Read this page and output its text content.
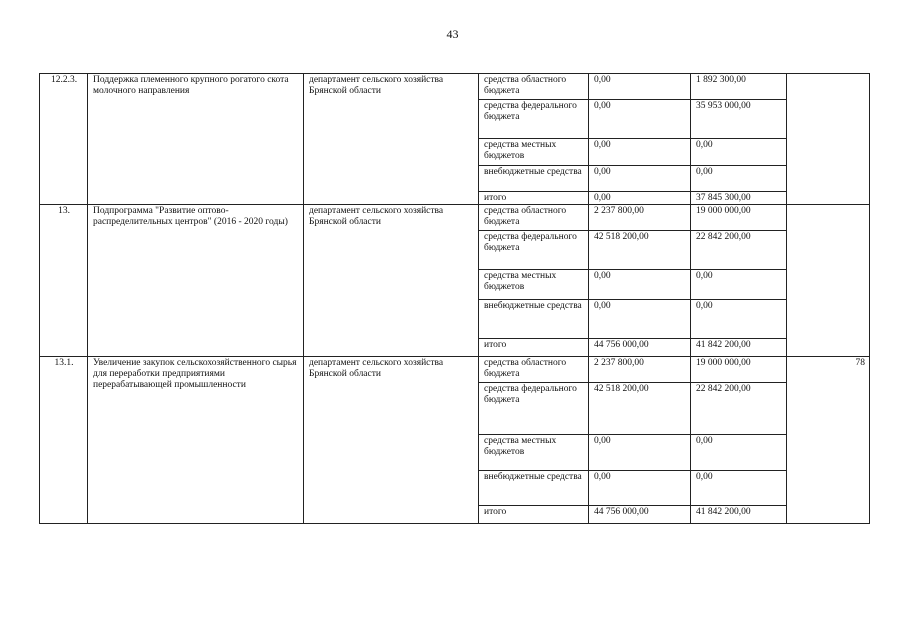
43
12.2.3.	Поддержка племенного крупного рогатого скота молочного направления	департамент сельского хозяйства Брянской области	средства областного бюджета	0,00	1 892 300,00	
			средства федерального бюджета	0,00	35 953 000,00	
			средства местных бюджетов	0,00	0,00	
			внебюджетные средства	0,00	0,00	
			итого	0,00	37 845 300,00	
13.	Подпрограмма "Развитие оптово-распределительных центров" (2016 - 2020 годы)	департамент сельского хозяйства Брянской области	средства областного бюджета	2 237 800,00	19 000 000,00	
			средства федерального бюджета	42 518 200,00	22 842 200,00	
			средства местных бюджетов	0,00	0,00	
			внебюджетные средства	0,00	0,00	
			итого	44 756 000,00	41 842 200,00	
13.1.	Увеличение закупок сельскохозяйственного сырья для переработки предприятиями перерабатывающей промышленности	департамент сельского хозяйства Брянской области	средства областного бюджета	2 237 800,00	19 000 000,00	78
			средства федерального бюджета	42 518 200,00	22 842 200,00	
			средства местных бюджетов	0,00	0,00	
			внебюджетные средства	0,00	0,00	
			итого	44 756 000,00	41 842 200,00	
